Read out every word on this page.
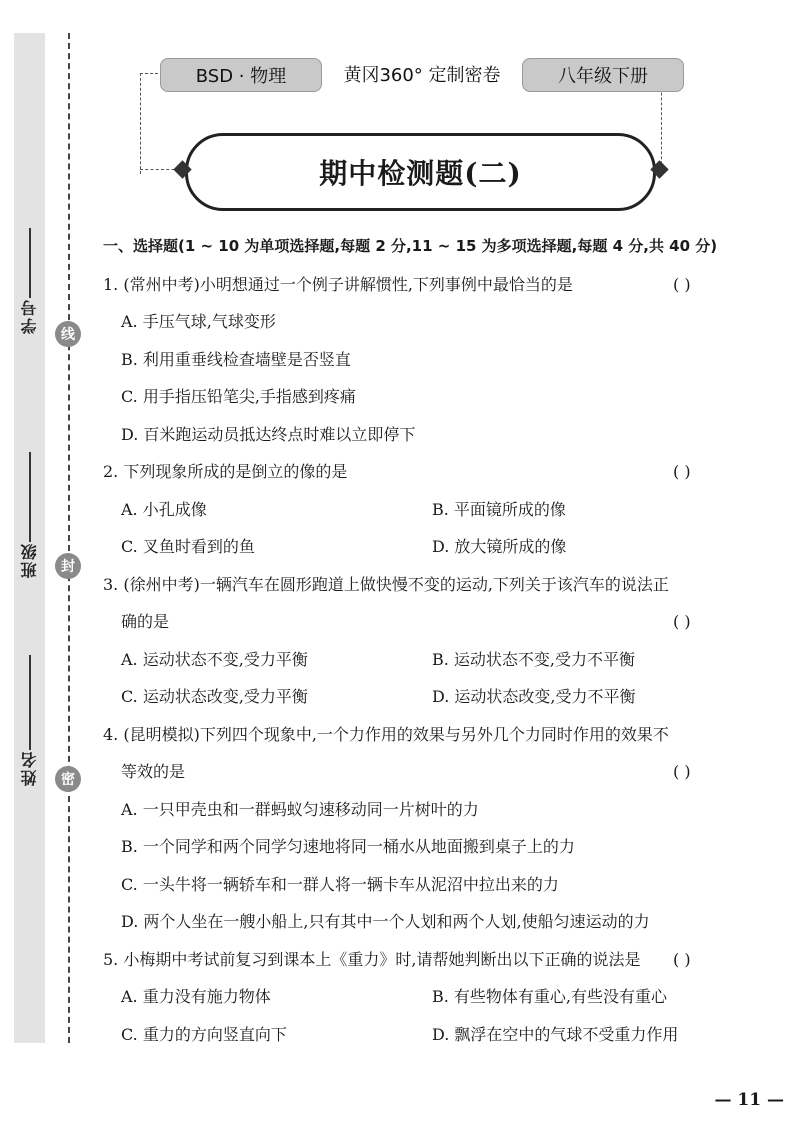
学号
班级
姓名
线
封
密
BSD · 物理	黄冈360° 定制密卷	八年级下册
期中检测题(二)
一、选择题(1 ~ 10 为单项选择题,每题 2 分,11 ~ 15 为多项选择题,每题 4 分,共 40 分)
1. (常州中考)小明想通过一个例子讲解惯性,下列事例中最恰当的是	( )
A. 手压气球,气球变形
B. 利用重垂线检查墙壁是否竖直
C. 用手指压铅笔尖,手指感到疼痛
D. 百米跑运动员抵达终点时难以立即停下
2. 下列现象所成的是倒立的像的是	( )
A. 小孔成像	B. 平面镜所成的像
C. 叉鱼时看到的鱼	D. 放大镜所成的像
3. (徐州中考)一辆汽车在圆形跑道上做快慢不变的运动,下列关于该汽车的说法正
确的是	( )
A. 运动状态不变,受力平衡	B. 运动状态不变,受力不平衡
C. 运动状态改变,受力平衡	D. 运动状态改变,受力不平衡
4. (昆明模拟)下列四个现象中,一个力作用的效果与另外几个力同时作用的效果不
等效的是	( )
A. 一只甲壳虫和一群蚂蚁匀速移动同一片树叶的力
B. 一个同学和两个同学匀速地将同一桶水从地面搬到桌子上的力
C. 一头牛将一辆轿车和一群人将一辆卡车从泥沼中拉出来的力
D. 两个人坐在一艘小船上,只有其中一个人划和两个人划,使船匀速运动的力
5. 小梅期中考试前复习到课本上《重力》时,请帮她判断出以下正确的说法是 ( )
A. 重力没有施力物体	B. 有些物体有重心,有些没有重心
C. 重力的方向竖直向下	D. 飘浮在空中的气球不受重力作用
— 11 —
